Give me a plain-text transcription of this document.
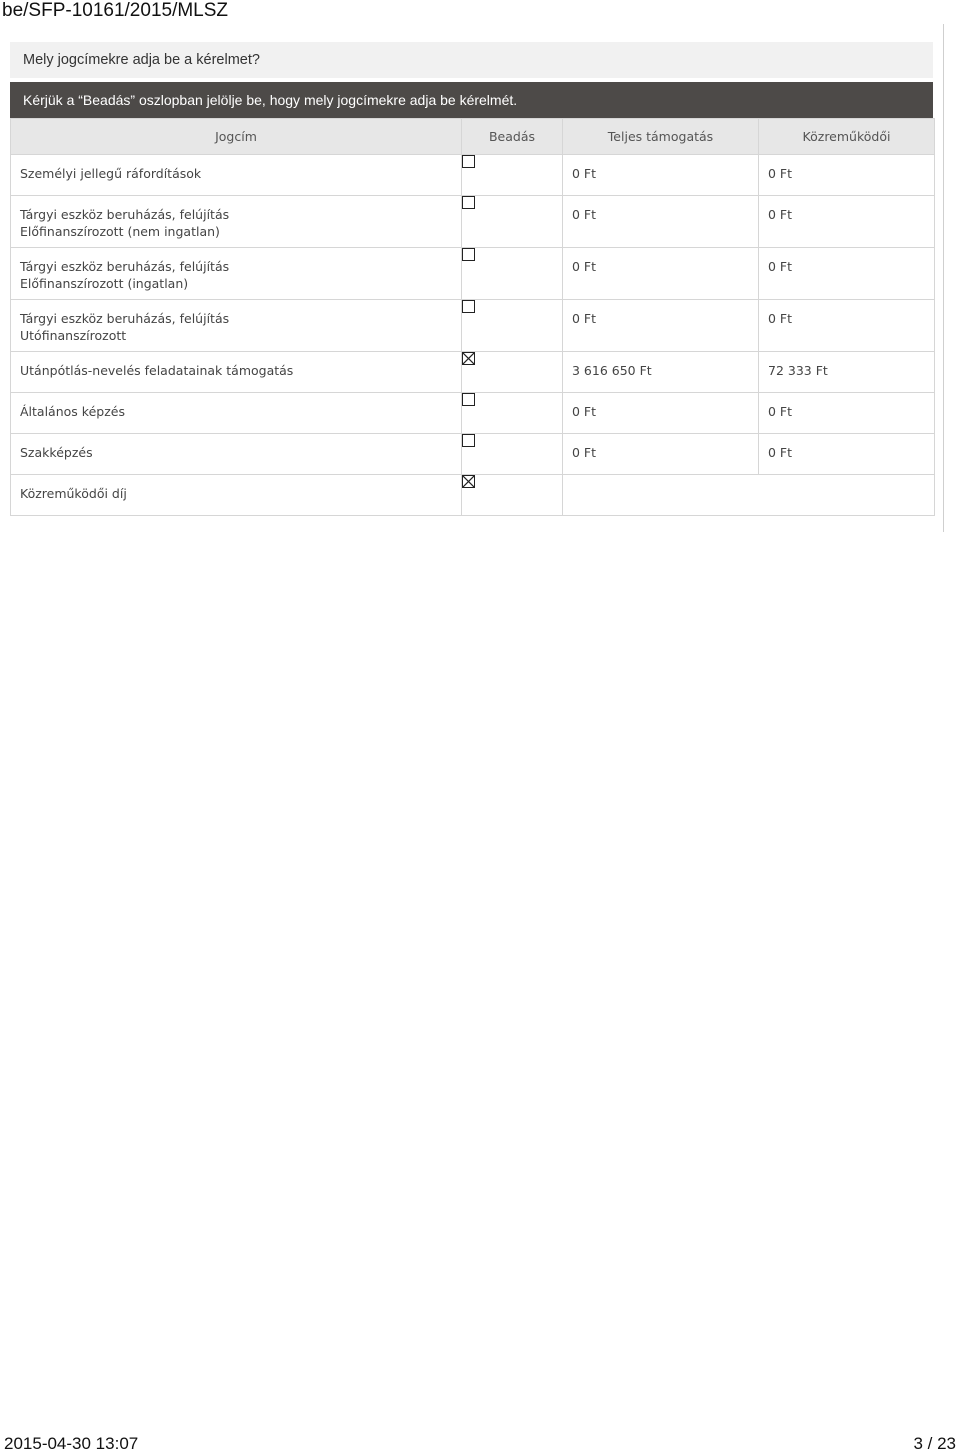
be/SFP-10161/2015/MLSZ
Mely jogcímekre adja be a kérelmet?
Kérjük a “Beadás” oszlopban jelölje be, hogy mely jogcímekre adja be kérelmét.
Jogcím	Beadás	Teljes támogatás	Közreműködői

Személyi jellegű ráfordítások		0 Ft	0 Ft

Tárgyi eszköz beruházás, felújítás Előfinanszírozott (nem ingatlan)		0 Ft	0 Ft

Tárgyi eszköz beruházás, felújítás Előfinanszírozott (ingatlan)		0 Ft	0 Ft

Tárgyi eszköz beruházás, felújítás Utófinanszírozott		0 Ft	0 Ft

Utánpótlás-nevelés feladatainak támogatás		3 616 650 Ft	72 333 Ft

Általános képzés		0 Ft	0 Ft

Szakképzés		0 Ft	0 Ft

Közreműködői díj

2015-04-30 13:07	3 / 23
